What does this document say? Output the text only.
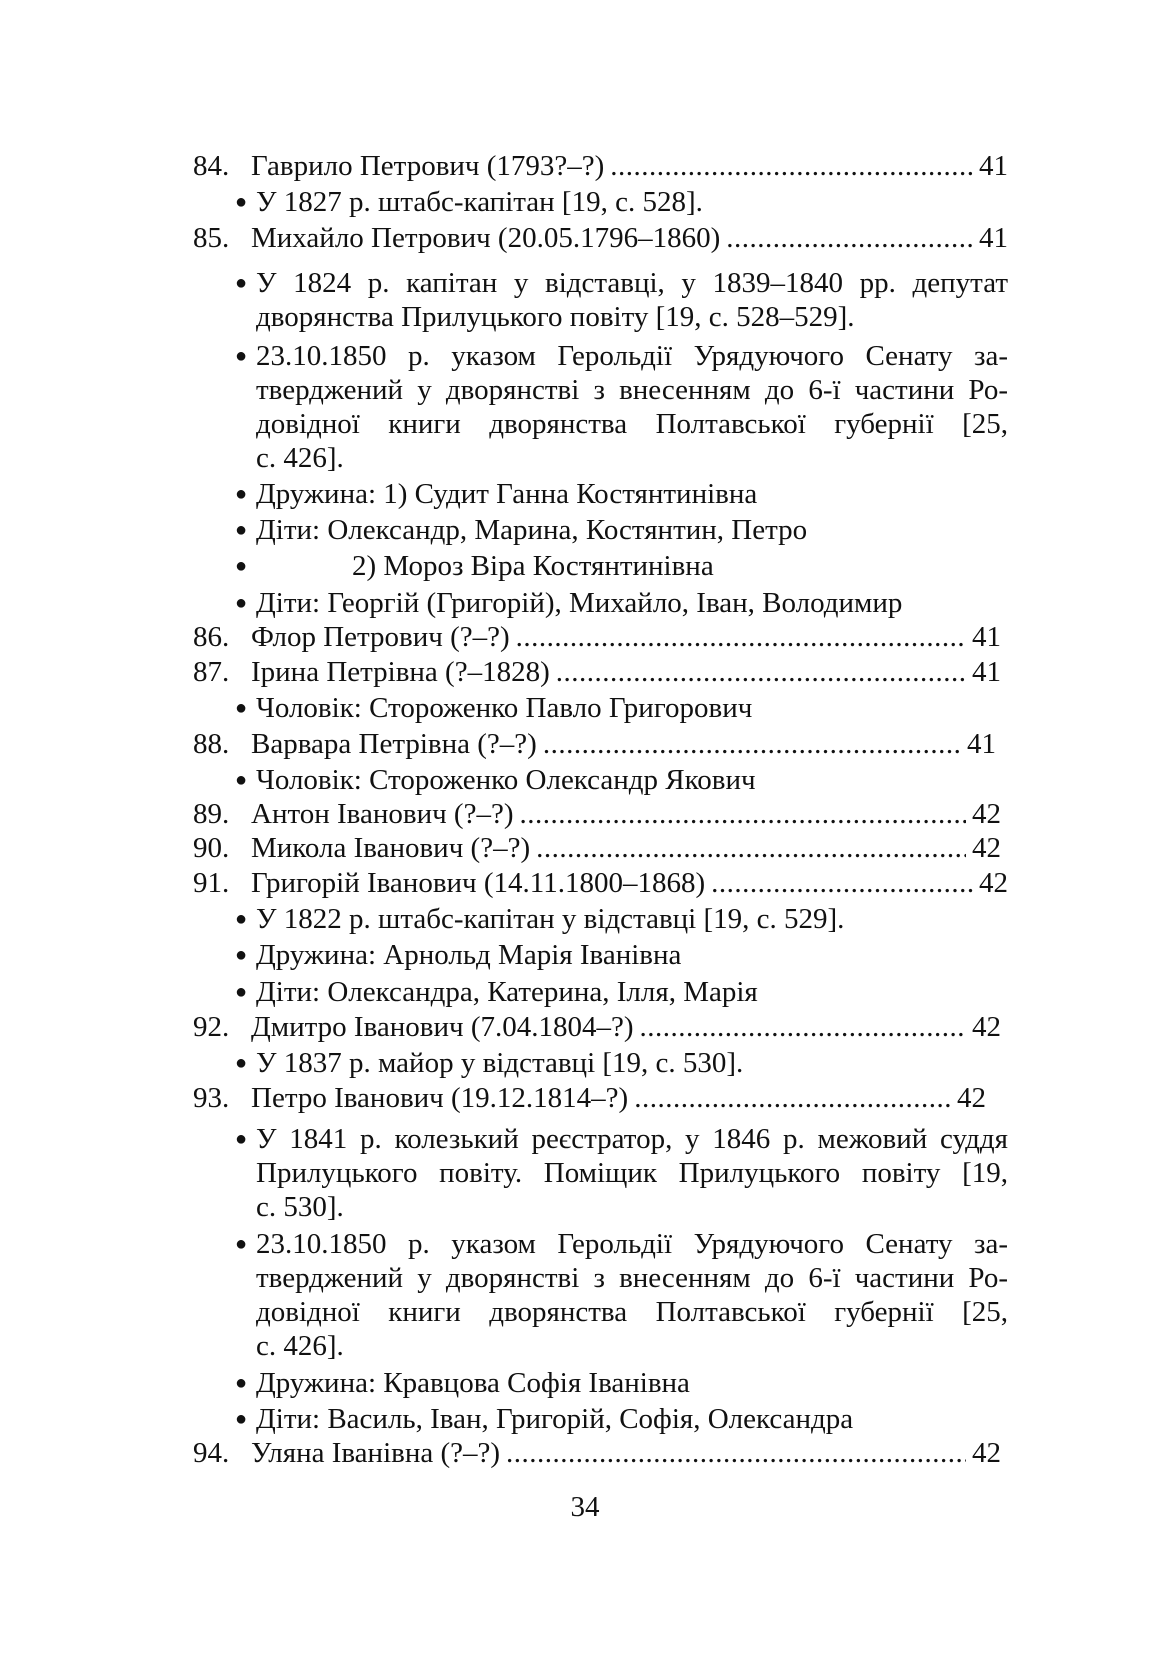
84. Гаврило Петрович (1793?–?) .....	41
● У 1827 р. штабс-капітан [19, с. 528].
85. Михайло Петрович (20.05.1796–1860) .....	41
● У 1824 р. капітан у відставці, у 1839–1840 рр. депутат
дворянства Прилуцького повіту [19, с. 528–529].
● 23.10.1850 р. указом Герольдії Урядуючого Сенату за-
тверджений у дворянстві з внесенням до 6-ї частини Ро-
довідної книги дворянства Полтавської губернії [25,
с. 426].
● Дружина: 1) Судит Ганна Костянтинівна
● Діти: Олександр, Марина, Костянтин, Петро
●	2) Мороз Віра Костянтинівна
● Діти: Георгій (Григорій), Михайло, Іван, Володимир
86. Флор Петрович (?–?) .....	41
87. Ірина Петрівна (?–1828) .....	41
● Чоловік: Стороженко Павло Григорович
88. Варвара Петрівна (?–?) .....	41
● Чоловік: Стороженко Олександр Якович
89. Антон Іванович (?–?) .....	42
90. Микола Іванович (?–?) .....	42
91. Григорій Іванович (14.11.1800–1868) .....	42
● У 1822 р. штабс-капітан у відставці [19, с. 529].
● Дружина: Арнольд Марія Іванівна
● Діти: Олександра, Катерина, Ілля, Марія
92. Дмитро Іванович (7.04.1804–?) .....	42
● У 1837 р. майор у відставці [19, с. 530].
93. Петро Іванович (19.12.1814–?) .....	42
● У 1841 р. колезький реєстратор, у 1846 р. межовий суддя
Прилуцького повіту. Поміщик Прилуцького повіту [19,
с. 530].
● 23.10.1850 р. указом Герольдії Урядуючого Сенату за-
тверджений у дворянстві з внесенням до 6-ї частини Ро-
довідної книги дворянства Полтавської губернії [25,
с. 426].
● Дружина: Кравцова Софія Іванівна
● Діти: Василь, Іван, Григорій, Софія, Олександра
94. Уляна Іванівна (?–?) .....	42
34
